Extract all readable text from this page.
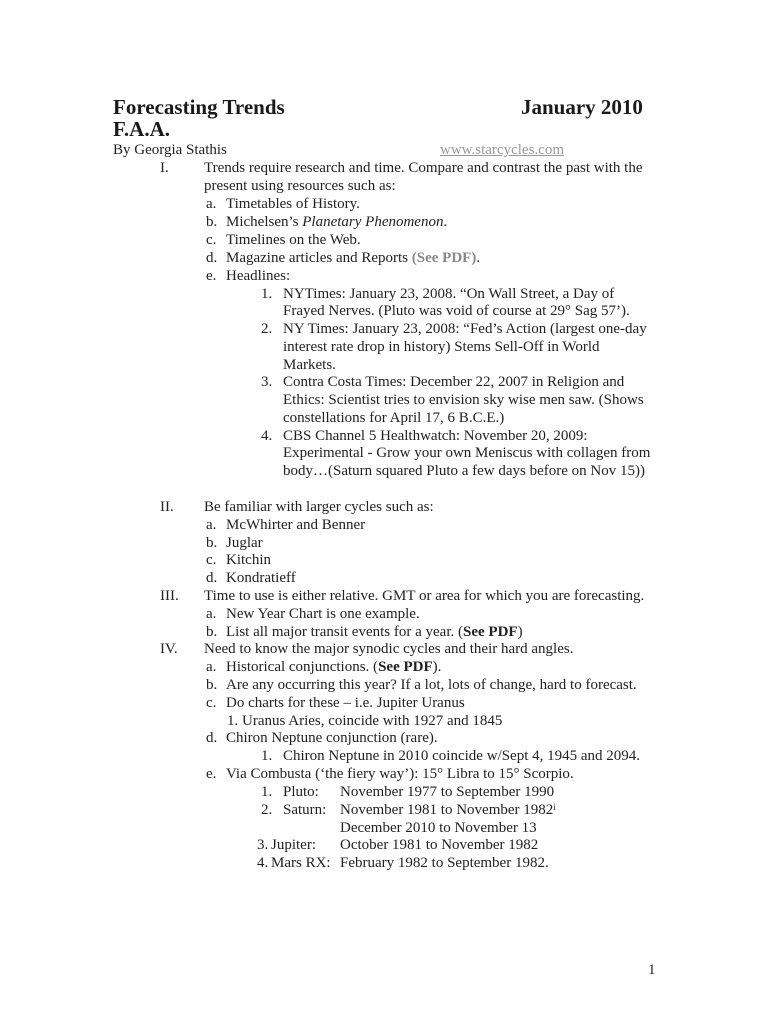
Forecasting Trends	January 2010
F.A.A.
By Georgia Stathis	www.starcycles.com
I. Trends require research and time. Compare and contrast the past with the
present using resources such as:
a. Timetables of History.
b. Michelsen’s Planetary Phenomenon.
c. Timelines on the Web.
d. Magazine articles and Reports (See PDF).
e. Headlines:
1. NYTimes: January 23, 2008. “On Wall Street, a Day of
Frayed Nerves. (Pluto was void of course at 29° Sag 57’).
2. NY Times: January 23, 2008: “Fed’s Action (largest one-day
interest rate drop in history) Stems Sell-Off in World
Markets.
3. Contra Costa Times: December 22, 2007 in Religion and
Ethics: Scientist tries to envision sky wise men saw. (Shows
constellations for April 17, 6 B.C.E.)
4. CBS Channel 5 Healthwatch: November 20, 2009:
Experimental - Grow your own Meniscus with collagen from
body…(Saturn squared Pluto a few days before on Nov 15))
II. Be familiar with larger cycles such as:
a. McWhirter and Benner
b. Juglar
c. Kitchin
d. Kondratieff
III. Time to use is either relative. GMT or area for which you are forecasting.
a. New Year Chart is one example.
b. List all major transit events for a year. (See PDF)
IV. Need to know the major synodic cycles and their hard angles.
a. Historical conjunctions. (See PDF).
b. Are any occurring this year? If a lot, lots of change, hard to forecast.
c. Do charts for these – i.e. Jupiter Uranus
1. Uranus Aries, coincide with 1927 and 1845
d. Chiron Neptune conjunction (rare).
1. Chiron Neptune in 2010 coincide w/Sept 4, 1945 and 2094.
e. Via Combusta (‘the fiery way’): 15° Libra to 15° Scorpio.
1. Pluto: November 1977 to September 1990
2. Saturn: November 1981 to November 1982$^i$
December 2010 to November 13
3. Jupiter: October 1981 to November 1982
4. Mars RX: February 1982 to September 1982.
1
